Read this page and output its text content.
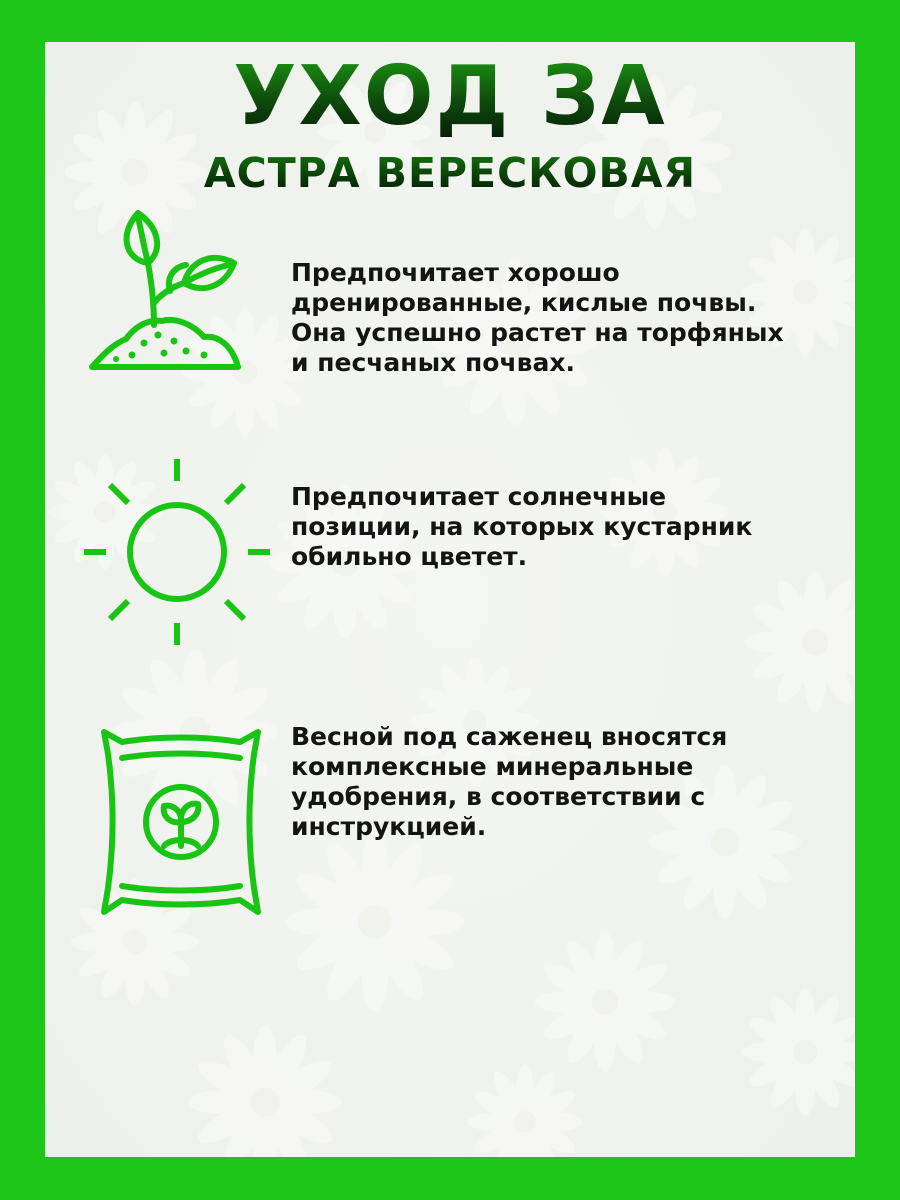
УХОД ЗА
АСТРА ВЕРЕСКОВАЯ
Предпочитает хорошо
дренированные, кислые почвы.
Она успешно растет на торфяных
и песчаных почвах.
Предпочитает солнечные
позиции, на которых кустарник
обильно цветет.
Весной под саженец вносятся
комплексные минеральные
удобрения, в соответствии с
инструкцией.
